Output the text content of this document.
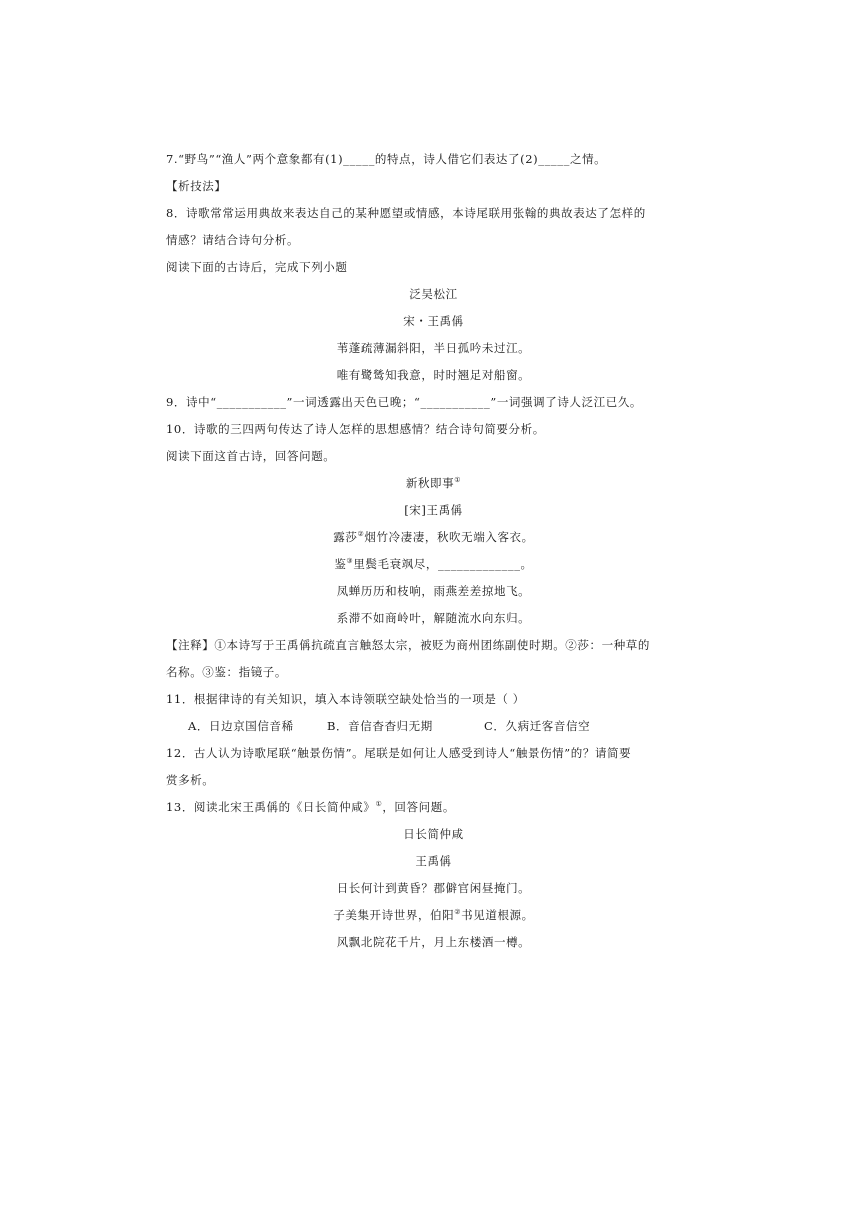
7.“野鸟”“渔人”两个意象都有(1)_____的特点，诗人借它们表达了(2)_____之情。
【析技法】
8．诗歌常常运用典故来表达自己的某种愿望或情感，本诗尾联用张翰的典故表达了怎样的
情感？请结合诗句分析。
阅读下面的古诗后，完成下列小题
泛吴松江
宋・王禹偁
苇蓬疏薄漏斜阳，半日孤吟未过江。
唯有鹭鸶知我意，时时翘足对船窗。
9．诗中“___________”一词透露出天色已晚；“___________”一词强调了诗人泛江已久。
10．诗歌的三四两句传达了诗人怎样的思想感情？结合诗句简要分析。
阅读下面这首古诗，回答问题。
新秋即事①
[宋]王禹偁
露莎②烟竹冷凄凄，秋吹无端入客衣。
鉴③里鬓毛衰飒尽，_____________。
凤蝉历历和枝响，雨燕差差掠地飞。
系滞不如商岭叶，解随流水向东归。
【注释】①本诗写于王禹偁抗疏直言触怒太宗，被贬为商州团练副使时期。②莎：一种草的
名称。③鉴：指镜子。
11．根据律诗的有关知识，填入本诗领联空缺处恰当的一项是（ ）
A．日边京国信音稀	B．音信杳杳归无期	C．久病迁客音信空
12．古人认为诗歌尾联“触景伤情”。尾联是如何让人感受到诗人“触景伤情”的？请简要
赏多析。
13．阅读北宋王禹偁的《日长简仲咸》①，回答问题。
日长简仲咸
王禹偁
日长何计到黄昏？郡僻官闲昼掩门。
子美集开诗世界，伯阳②书见道根源。
风飘北院花千片，月上东楼酒一樽。
